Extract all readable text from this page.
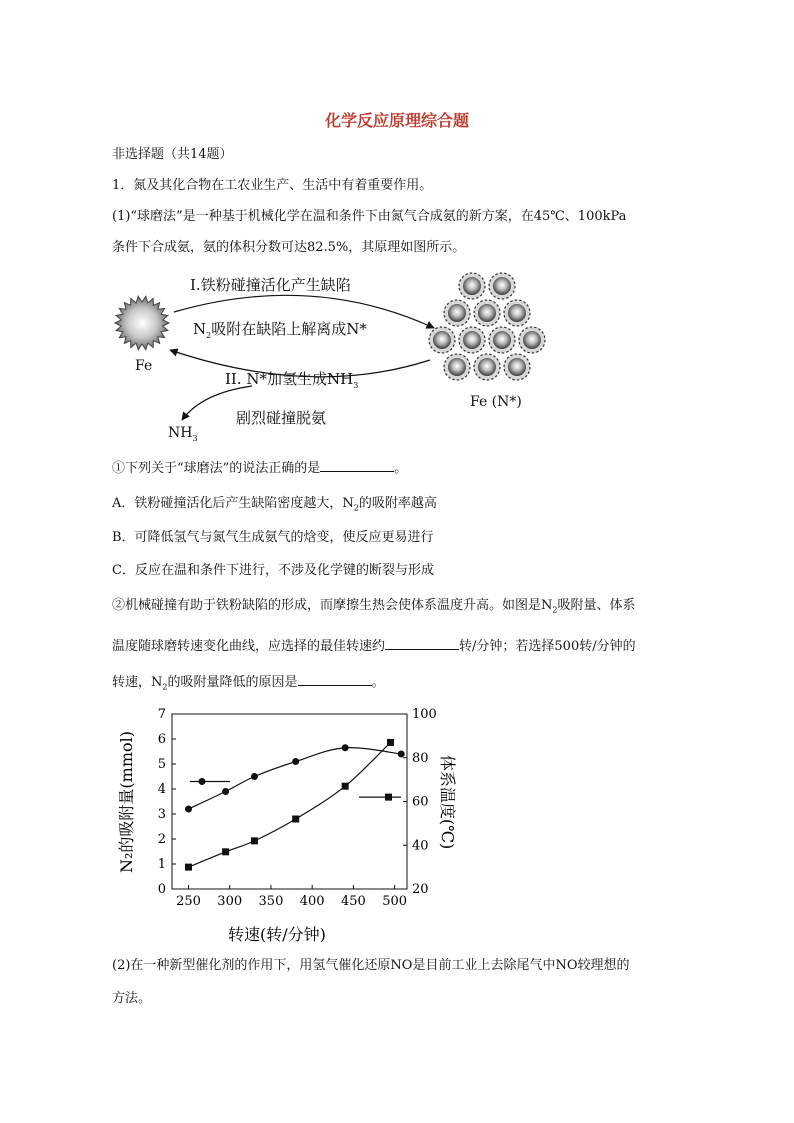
化学反应原理综合题
非选择题（共14题）
1．氮及其化合物在工农业生产、生活中有着重要作用。
(1)“球磨法”是一种基于机械化学在温和条件下由氮气合成氨的新方案，在45℃、100kPa
条件下合成氨，氨的体积分数可达82.5%，其原理如图所示。
I.铁粉碰撞活化产生缺陷
$N_2$吸附在缺陷上解离成N*
II. N*加氢生成$NH_3$
剧烈碰撞脱氨
Fe
Fe (N*)
$NH_3$
①下列关于“球磨法”的说法正确的是	。
A．铁粉碰撞活化后产生缺陷密度越大，$N_2$的吸附率越高
B．可降低氢气与氮气生成氨气的焓变，使反应更易进行
C．反应在温和条件下进行，不涉及化学键的断裂与形成
②机械碰撞有助于铁粉缺陷的形成，而摩擦生热会使体系温度升高。如图是$N_2$吸附量、体系
温度随球磨转速变化曲线，应选择的最佳转速约	转/分钟；若选择500转/分钟的
转速，$N_2$的吸附量降低的原因是	。
250 300 350 400 450 500
0
1
2
3
4
5
6
7
20
40
60
80
100
转速(转/分钟)
N₂的吸附量(mmol)	体系温度(℃)
(2)在一种新型催化剂的作用下，用氢气催化还原NO是目前工业上去除尾气中NO较理想的
方法。
